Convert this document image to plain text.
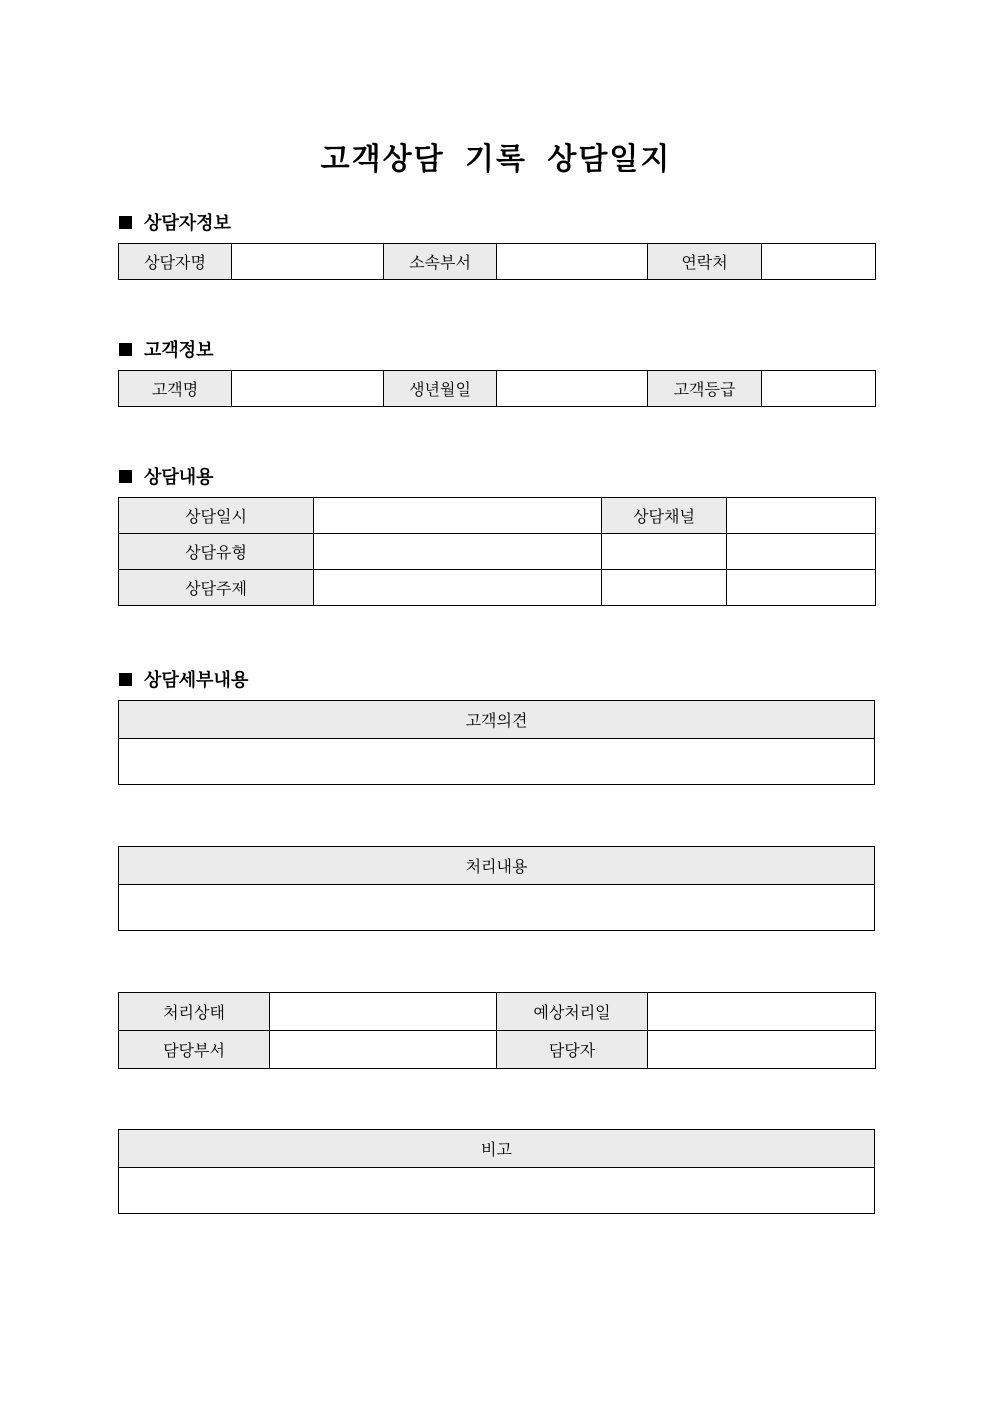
고객상담 기록 상담일지
상담자정보
상담자명		소속부서		연락처	
고객정보
고객명		생년월일		고객등급	
상담내용
상담일시		상담채널	
상담유형			
상담주제			
상담세부내용
고객의견

처리내용

처리상태		예상처리일	
담당부서		담당자	
비고
